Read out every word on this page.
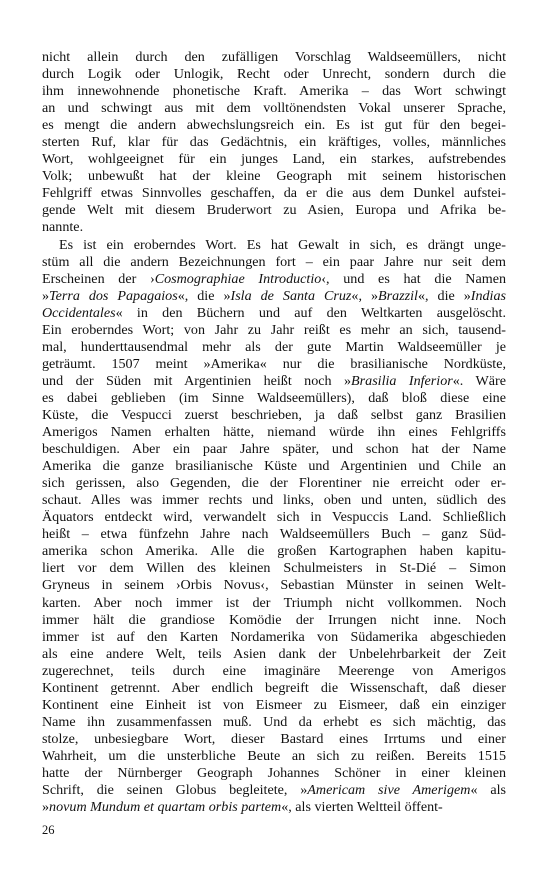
nicht allein durch den zufälligen Vorschlag Waldseemüllers, nicht
durch Logik oder Unlogik, Recht oder Unrecht, sondern durch die
ihm innewohnende phonetische Kraft. Amerika – das Wort schwingt
an und schwingt aus mit dem volltönendsten Vokal unserer Sprache,
es mengt die andern abwechslungsreich ein. Es ist gut für den begei-
sterten Ruf, klar für das Gedächtnis, ein kräftiges, volles, männliches
Wort, wohlgeeignet für ein junges Land, ein starkes, aufstrebendes
Volk; unbewußt hat der kleine Geograph mit seinem historischen
Fehlgriff etwas Sinnvolles geschaffen, da er die aus dem Dunkel aufstei-
gende Welt mit diesem Bruderwort zu Asien, Europa und Afrika be-
nannte.
Es ist ein eroberndes Wort. Es hat Gewalt in sich, es drängt unge-
stüm all die andern Bezeichnungen fort – ein paar Jahre nur seit dem
Erscheinen der ›Cosmographiae Introductio‹, und es hat die Namen
»Terra dos Papagaios«, die »Isla de Santa Cruz«, »Brazzil«, die »Indias
Occidentales« in den Büchern und auf den Weltkarten ausgelöscht.
Ein eroberndes Wort; von Jahr zu Jahr reißt es mehr an sich, tausend-
mal, hunderttausendmal mehr als der gute Martin Waldseemüller je
geträumt. 1507 meint »Amerika« nur die brasilianische Nordküste,
und der Süden mit Argentinien heißt noch »Brasilia Inferior«. Wäre
es dabei geblieben (im Sinne Waldseemüllers), daß bloß diese eine
Küste, die Vespucci zuerst beschrieben, ja daß selbst ganz Brasilien
Amerigos Namen erhalten hätte, niemand würde ihn eines Fehlgriffs
beschuldigen. Aber ein paar Jahre später, und schon hat der Name
Amerika die ganze brasilianische Küste und Argentinien und Chile an
sich gerissen, also Gegenden, die der Florentiner nie erreicht oder er-
schaut. Alles was immer rechts und links, oben und unten, südlich des
Äquators entdeckt wird, verwandelt sich in Vespuccis Land. Schließlich
heißt – etwa fünfzehn Jahre nach Waldseemüllers Buch – ganz Süd-
amerika schon Amerika. Alle die großen Kartographen haben kapitu-
liert vor dem Willen des kleinen Schulmeisters in St-Dié – Simon
Gryneus in seinem ›Orbis Novus‹, Sebastian Münster in seinen Welt-
karten. Aber noch immer ist der Triumph nicht vollkommen. Noch
immer hält die grandiose Komödie der Irrungen nicht inne. Noch
immer ist auf den Karten Nordamerika von Südamerika abgeschieden
als eine andere Welt, teils Asien dank der Unbelehrbarkeit der Zeit
zugerechnet, teils durch eine imaginäre Meerenge von Amerigos
Kontinent getrennt. Aber endlich begreift die Wissenschaft, daß dieser
Kontinent eine Einheit ist von Eismeer zu Eismeer, daß ein einziger
Name ihn zusammenfassen muß. Und da erhebt es sich mächtig, das
stolze, unbesiegbare Wort, dieser Bastard eines Irrtums und einer
Wahrheit, um die unsterbliche Beute an sich zu reißen. Bereits 1515
hatte der Nürnberger Geograph Johannes Schöner in einer kleinen
Schrift, die seinen Globus begleitete, »Americam sive Amerigem« als
»novum Mundum et quartam orbis partem«, als vierten Weltteil öffent-
26
